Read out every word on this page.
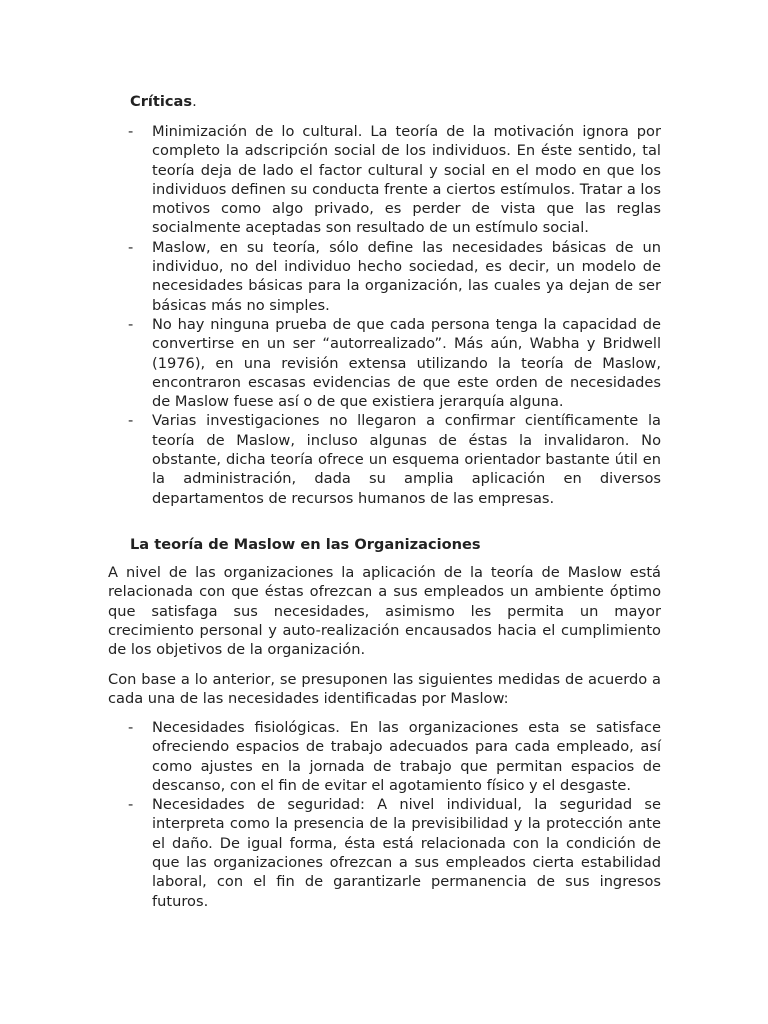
Críticas.
- Minimización de lo cultural. La teoría de la motivación ignora por completo la adscripción social de los individuos. En éste sentido, tal teoría deja de lado el factor cultural y social en el modo en que los individuos definen su conducta frente a ciertos estímulos. Tratar a los motivos como algo privado, es perder de vista que las reglas socialmente aceptadas son resultado de un estímulo social.
- Maslow, en su teoría, sólo define las necesidades básicas de un individuo, no del individuo hecho sociedad, es decir, un modelo de necesidades básicas para la organización, las cuales ya dejan de ser básicas más no simples.
- No hay ninguna prueba de que cada persona tenga la capacidad de convertirse en un ser “autorrealizado”. Más aún, Wabha y Bridwell (1976), en una revisión extensa utilizando la teoría de Maslow, encontraron escasas evidencias de que este orden de necesidades de Maslow fuese así o de que existiera jerarquía alguna.
- Varias investigaciones no llegaron a confirmar científicamente la teoría de Maslow, incluso algunas de éstas la invalidaron. No obstante, dicha teoría ofrece un esquema orientador bastante útil en la administración, dada su amplia aplicación en diversos departamentos de recursos humanos de las empresas.
La teoría de Maslow en las Organizaciones

A nivel de las organizaciones la aplicación de la teoría de Maslow está relacionada con que éstas ofrezcan a sus empleados un ambiente óptimo que satisfaga sus necesidades, asimismo les permita un mayor crecimiento personal y auto-realización encausados hacia el cumplimiento de los objetivos de la organización.

Con base a lo anterior, se presuponen las siguientes medidas de acuerdo a cada una de las necesidades identificadas por Maslow:

- Necesidades fisiológicas. En las organizaciones esta se satisface ofreciendo espacios de trabajo adecuados para cada empleado, así como ajustes en la jornada de trabajo que permitan espacios de descanso, con el fin de evitar el agotamiento físico y el desgaste.
- Necesidades de seguridad: A nivel individual, la seguridad se interpreta como la presencia de la previsibilidad y la protección ante el daño. De igual forma, ésta está relacionada con la condición de que las organizaciones ofrezcan a sus empleados cierta estabilidad laboral, con el fin de garantizarle permanencia de sus ingresos futuros.
